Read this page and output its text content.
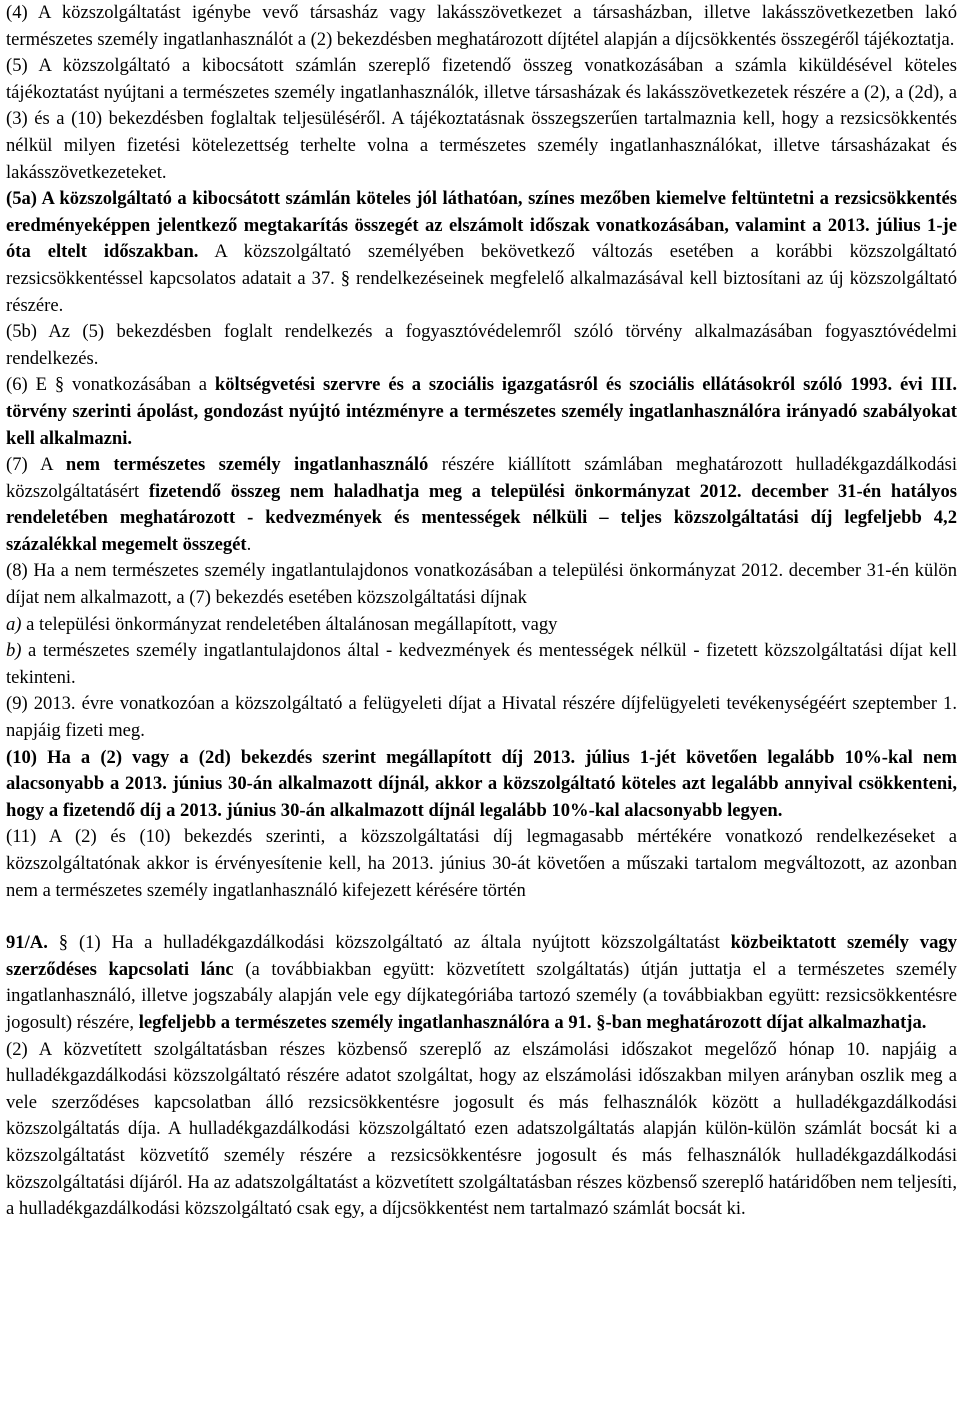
(4) A közszolgáltatást igénybe vevő társasház vagy lakásszövetkezet a társasházban, illetve lakásszövetkezetben lakó természetes személy ingatlanhasználót a (2) bekezdésben meghatározott díjtétel alapján a díjcsökkentés összegéről tájékoztatja.

(5) A közszolgáltató a kibocsátott számlán szereplő fizetendő összeg vonatkozásában a számla kiküldésével köteles tájékoztatást nyújtani a természetes személy ingatlanhasználók, illetve társasházak és lakásszövetkezetek részére a (2), a (2d), a (3) és a (10) bekezdésben foglaltak teljesüléséről. A tájékoztatásnak összegszerűen tartalmaznia kell, hogy a rezsicsökkentés nélkül milyen fizetési kötelezettség terhelte volna a természetes személy ingatlanhasználókat, illetve társasházakat és lakásszövetkezeteket.

(5a) A közszolgáltató a kibocsátott számlán köteles jól láthatóan, színes mezőben kiemelve feltüntetni a rezsicsökkentés eredményeképpen jelentkező megtakarítás összegét az elszámolt időszak vonatkozásában, valamint a 2013. július 1-je óta eltelt időszakban. A közszolgáltató személyében bekövetkező változás esetében a korábbi közszolgáltató rezsicsökkentéssel kapcsolatos adatait a 37. § rendelkezéseinek megfelelő alkalmazásával kell biztosítani az új közszolgáltató részére.

(5b) Az (5) bekezdésben foglalt rendelkezés a fogyasztóvédelemről szóló törvény alkalmazásában fogyasztóvédelmi rendelkezés.

(6) E § vonatkozásában a költségvetési szervre és a szociális igazgatásról és szociális ellátásokról szóló 1993. évi III. törvény szerinti ápolást, gondozást nyújtó intézményre a természetes személy ingatlanhasználóra irányadó szabályokat kell alkalmazni.

(7) A nem természetes személy ingatlanhasználó részére kiállított számlában meghatározott hulladékgazdálkodási közszolgáltatásért fizetendő összeg nem haladhatja meg a települési önkormányzat 2012. december 31-én hatályos rendeletében meghatározott - kedvezmények és mentességek nélküli – teljes közszolgáltatási díj legfeljebb 4,2 százalékkal megemelt összegét.

(8) Ha a nem természetes személy ingatlantulajdonos vonatkozásában a települési önkormányzat 2012. december 31-én külön díjat nem alkalmazott, a (7) bekezdés esetében közszolgáltatási díjnak

a) a települési önkormányzat rendeletében általánosan megállapított, vagy

b) a természetes személy ingatlantulajdonos által - kedvezmények és mentességek nélkül - fizetett közszolgáltatási díjat kell tekinteni.

(9) 2013. évre vonatkozóan a közszolgáltató a felügyeleti díjat a Hivatal részére díjfelügyeleti tevékenységéért szeptember 1. napjáig fizeti meg.

(10) Ha a (2) vagy a (2d) bekezdés szerint megállapított díj 2013. július 1-jét követően legalább 10%-kal nem alacsonyabb a 2013. június 30-án alkalmazott díjnál, akkor a közszolgáltató köteles azt legalább annyival csökkenteni, hogy a fizetendő díj a 2013. június 30-án alkalmazott díjnál legalább 10%-kal alacsonyabb legyen.

(11) A (2) és (10) bekezdés szerinti, a közszolgáltatási díj legmagasabb mértékére vonatkozó rendelkezéseket a közszolgáltatónak akkor is érvényesítenie kell, ha 2013. június 30-át követően a műszaki tartalom megváltozott, az azonban nem a természetes személy ingatlanhasználó kifejezett kérésére történ

91/A. § (1) Ha a hulladékgazdálkodási közszolgáltató az általa nyújtott közszolgáltatást közbeiktatott személy vagy szerződéses kapcsolati lánc (a továbbiakban együtt: közvetített szolgáltatás) útján juttatja el a természetes személy ingatlanhasználó, illetve jogszabály alapján vele egy díjkategóriába tartozó személy (a továbbiakban együtt: rezsicsökkentésre jogosult) részére, legfeljebb a természetes személy ingatlanhasználóra a 91. §-ban meghatározott díjat alkalmazhatja.

(2) A közvetített szolgáltatásban részes közbenső szereplő az elszámolási időszakot megelőző hónap 10. napjáig a hulladékgazdálkodási közszolgáltató részére adatot szolgáltat, hogy az elszámolási időszakban milyen arányban oszlik meg a vele szerződéses kapcsolatban álló rezsicsökkentésre jogosult és más felhasználók között a hulladékgazdálkodási közszolgáltatás díja. A hulladékgazdálkodási közszolgáltató ezen adatszolgáltatás alapján külön-külön számlát bocsát ki a közszolgáltatást közvetítő személy részére a rezsicsökkentésre jogosult és más felhasználók hulladékgazdálkodási közszolgáltatási díjáról. Ha az adatszolgáltatást a közvetített szolgáltatásban részes közbenső szereplő határidőben nem teljesíti, a hulladékgazdálkodási közszolgáltató csak egy, a díjcsökkentést nem tartalmazó számlát bocsát ki.
